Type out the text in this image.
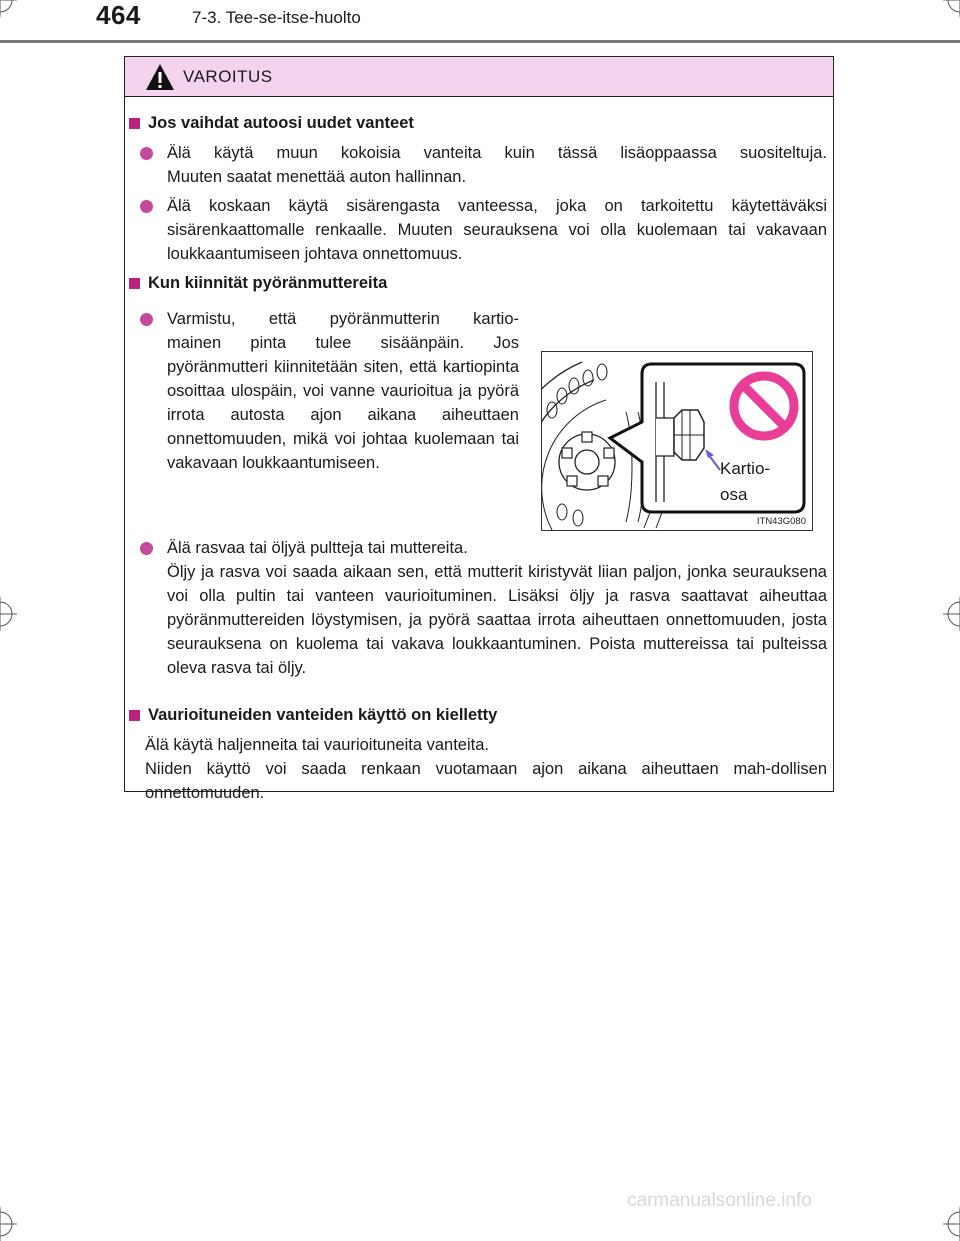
464	7-3. Tee-se-itse-huolto
VAROITUS
Jos vaihdat autoosi uudet vanteet
Älä käytä muun kokoisia vanteita kuin tässä lisäoppaassa suositeltuja.
Muuten saatat menettää auton hallinnan.
Älä koskaan käytä sisärengasta vanteessa, joka on tarkoitettu käytettäväksi
sisärenkaattomalle renkaalle. Muuten seurauksena voi olla kuolemaan tai vakavaan loukkaantumiseen johtava onnettomuus.
Kun kiinnität pyöränmuttereita
Varmistu, että pyöränmutterin kartio-
mainen pinta tulee sisäänpäin. Jos pyöränmutteri kiinnitetään siten, että kartiopinta osoittaa ulospäin, voi vanne vaurioitua ja pyörä irrota autosta ajon aikana aiheuttaen onnettomuuden, mikä voi johtaa kuolemaan tai vakavaan loukkaantumiseen.	Kartio-
osa
ITN43G080
Älä rasvaa tai öljyä pultteja tai muttereita.
Öljy ja rasva voi saada aikaan sen, että mutterit kiristyvät liian paljon, jonka seurauksena voi olla pultin tai vanteen vaurioituminen. Lisäksi öljy ja rasva saattavat aiheuttaa pyöränmuttereiden löystymisen, ja pyörä saattaa irrota aiheuttaen onnettomuuden, josta seurauksena on kuolema tai vakava loukkaantuminen. Poista muttereissa tai pulteissa oleva rasva tai öljy.
Vaurioituneiden vanteiden käyttö on kielletty
Älä käytä haljenneita tai vaurioituneita vanteita.
Niiden käyttö voi saada renkaan vuotamaan ajon aikana aiheuttaen mah-dollisen onnettomuuden.
carmanualsonline.info
